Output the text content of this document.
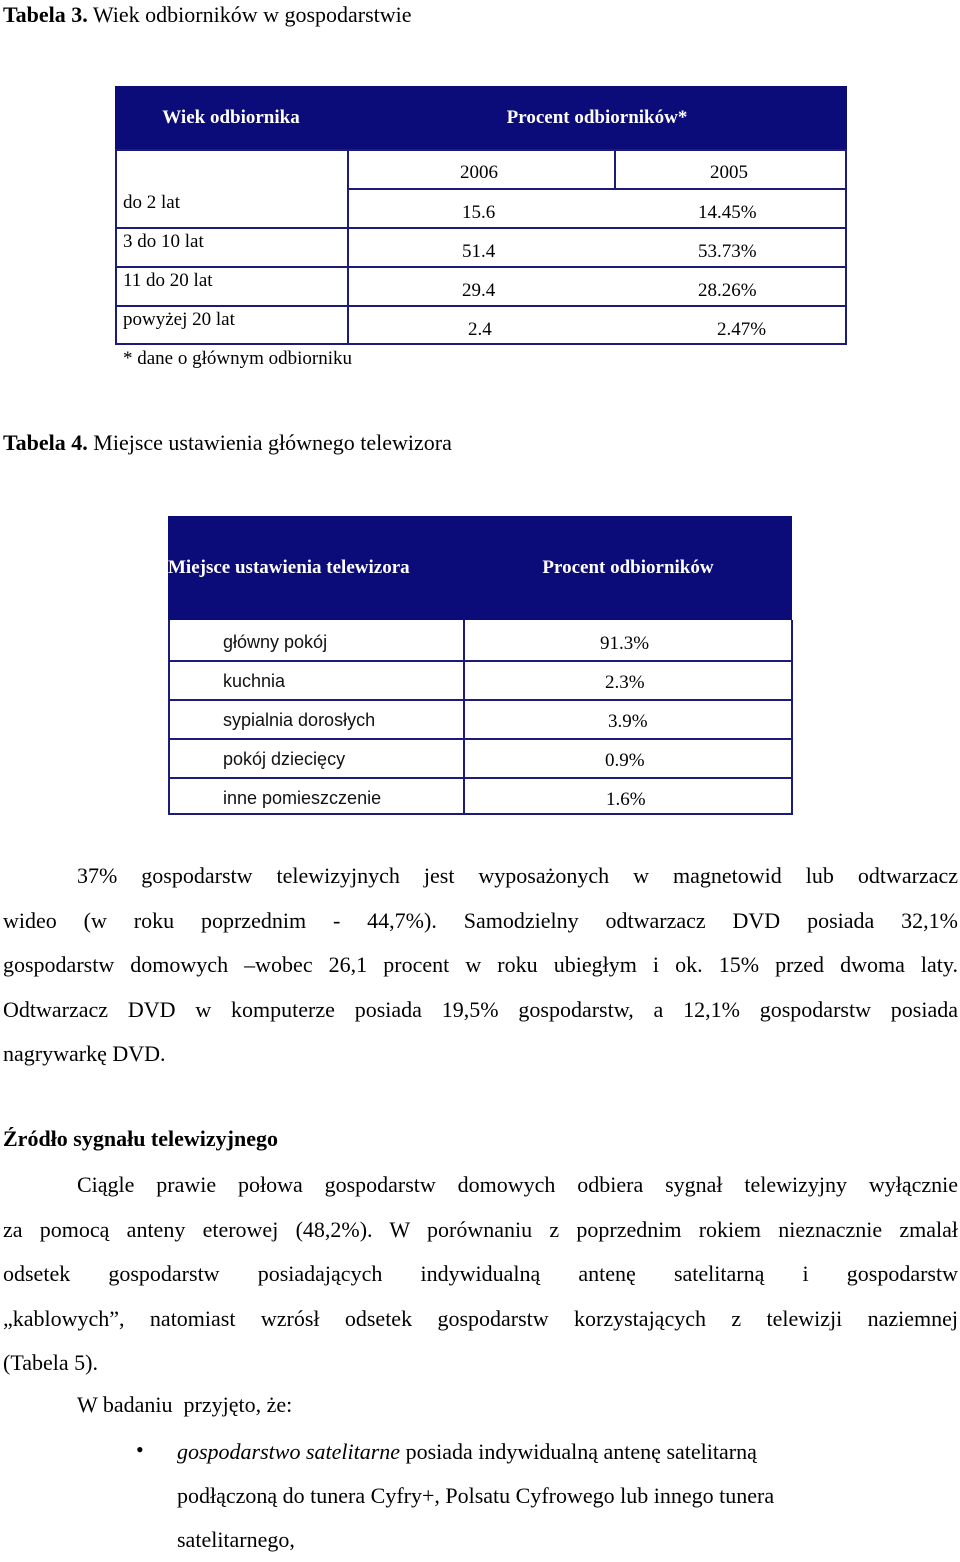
Tabela 3. Wiek odbiorników w gospodarstwie
Wiek odbiornika	Procent odbiorników*
2006	2005
do 2 lat	15.6	14.45%
3 do 10 lat	51.4	53.73%
11 do 20 lat	29.4	28.26%
powyżej 20 lat	2.4	2.47%
* dane o głównym odbiorniku
Tabela 4. Miejsce ustawienia głównego telewizora
Miejsce ustawienia telewizora	Procent odbiorników
główny pokój	91.3%
kuchnia	2.3%
sypialnia dorosłych	3.9%
pokój dziecięcy	0.9%
inne pomieszczenie	1.6%
37% gospodarstw telewizyjnych jest wyposażonych w magnetowid lub odtwarzacz
wideo (w roku poprzednim - 44,7%). Samodzielny odtwarzacz DVD posiada 32,1%
gospodarstw domowych –wobec 26,1 procent w roku ubiegłym i ok. 15% przed dwoma laty.
Odtwarzacz DVD w komputerze posiada 19,5% gospodarstw, a 12,1% gospodarstw posiada
nagrywarkę DVD.
Źródło sygnału telewizyjnego
Ciągle prawie połowa gospodarstw domowych odbiera sygnał telewizyjny wyłącznie
za pomocą anteny eterowej (48,2%). W porównaniu z poprzednim rokiem nieznacznie zmalał
odsetek gospodarstw posiadających indywidualną antenę satelitarną i gospodarstw
„kablowych”, natomiast wzrósł odsetek gospodarstw korzystających z telewizji naziemnej
(Tabela 5).
W badaniu  przyjęto, że:
• gospodarstwo satelitarne posiada indywidualną antenę satelitarną
podłączoną do tunera Cyfry+, Polsatu Cyfrowego lub innego tunera
satelitarnego,
